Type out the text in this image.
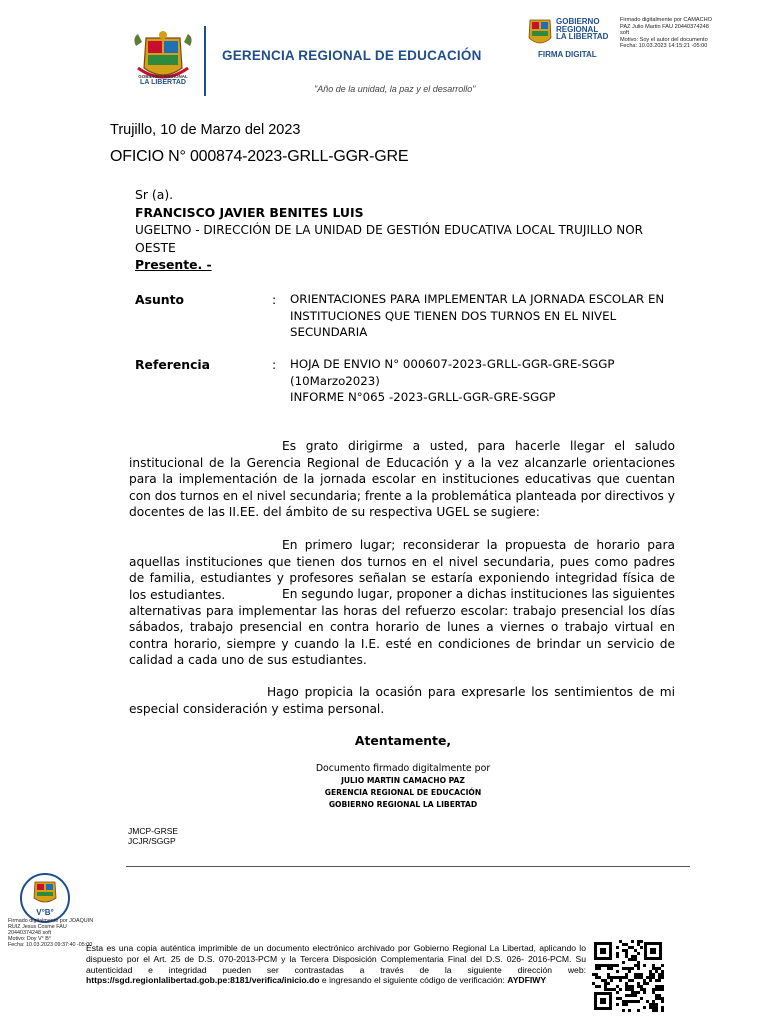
GOBIERNO REGIONAL
LA LIBERTAD
GERENCIA REGIONAL DE EDUCACIÓN
"Año de la unidad, la paz y el desarrollo"
GOBIERNO
REGIONAL
LA LIBERTAD
FIRMA DIGITAL
Firmado digitalmente por CAMACHO
PAZ Julio Martin FAU 20440374248
soft
Motivo: Soy el autor del documento
Fecha: 10.03.2023 14:15:21 -05:00
Trujillo, 10 de Marzo del 2023
OFICIO N° 000874-2023-GRLL-GGR-GRE
Sr (a).
FRANCISCO JAVIER BENITES LUIS
UGELTNO - DIRECCIÓN DE LA UNIDAD DE GESTIÓN EDUCATIVA LOCAL TRUJILLO NOR
OESTE
Presente. -
Asunto	: ORIENTACIONES PARA IMPLEMENTAR LA JORNADA ESCOLAR EN INSTITUCIONES QUE TIENEN DOS TURNOS EN EL NIVEL SECUNDARIA
Referencia	: HOJA DE ENVIO N° 000607-2023-GRLL-GGR-GRE-SGGP
(10Marzo2023)
INFORME N°065 -2023-GRLL-GGR-GRE-SGGP
Es grato dirigirme a usted, para hacerle llegar el saludo institucional de la Gerencia Regional de Educación y a la vez alcanzarle orientaciones para la implementación de la jornada escolar en instituciones educativas que cuentan con dos turnos en el nivel secundaria; frente a la problemática planteada por directivos y docentes de las II.EE. del ámbito de su respectiva UGEL se sugiere:
En primero lugar; reconsiderar la propuesta de horario para aquellas instituciones que tienen dos turnos en el nivel secundaria, pues como padres de familia, estudiantes y profesores señalan se estaría exponiendo integridad física de los estudiantes.	En segundo lugar, proponer a dichas instituciones las siguientes alternativas para implementar las horas del refuerzo escolar: trabajo presencial los días sábados, trabajo presencial en contra horario de lunes a viernes o trabajo virtual en contra horario, siempre y cuando la I.E. esté en condiciones de brindar un servicio de calidad a cada uno de sus estudiantes.
Hago propicia la ocasión para expresarle los sentimientos de mi especial consideración y estima personal.
Atentamente,
Documento firmado digitalmente por
JULIO MARTIN CAMACHO PAZ
GERENCIA REGIONAL DE EDUCACIÓN
GOBIERNO REGIONAL LA LIBERTAD
JMCP-GRSE
JCJR/SGGP
V°B°
Firmado digitalmente por JOAQUIN
RUIZ Jesus Cosme FAU
20440374248 soft
Motivo: Doy V° B°
Fecha: 10.03.2023 09:37:40 -05:00
Esta es una copia auténtica imprimible de un documento electrónico archivado por Gobierno Regional La Libertad, aplicando lo dispuesto por el Art. 25 de D.S. 070-2013-PCM y la Tercera Disposición Complementaria Final del D.S. 026- 2016-PCM. Su autenticidad e integridad pueden ser contrastadas a través de la siguiente dirección web: https://sgd.regionlalibertad.gob.pe:8181/verifica/inicio.do e ingresando el siguiente código de verificación: AYDFIWY
